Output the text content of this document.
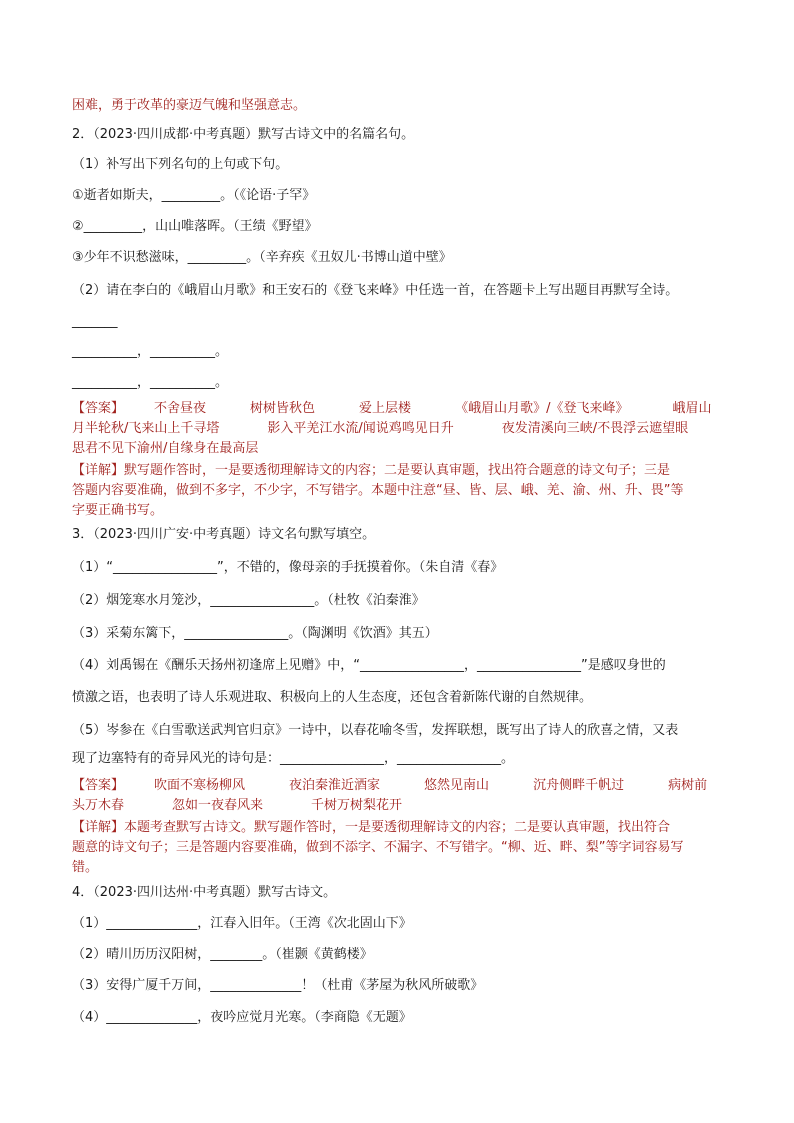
困难，勇于改革的豪迈气魄和坚强意志。
2．（2023·四川成都·中考真题）默写古诗文中的名篇名句。
（1）补写出下列名句的上句或下句。
①逝者如斯夫，_________。（《论语·子罕》
②_________，山山唯落晖。（王绩《野望》
③少年不识愁滋味，_________。（辛弃疾《丑奴儿·书博山道中壁》
（2）请在李白的《峨眉山月歌》和王安石的《登飞来峰》中任选一首，在答题卡上写出题目再默写全诗。
_______
__________，__________。
__________，__________。
【答案】 不舍昼夜	树树皆秋色	爱上层楼	《峨眉山月歌》/《登飞来峰》	峨眉山
月半轮秋/飞来山上千寻塔	影入平羌江水流/闻说鸡鸣见日升	夜发清溪向三峡/不畏浮云遮望眼
思君不见下渝州/自缘身在最高层
【详解】默写题作答时，一是要透彻理解诗文的内容；二是要认真审题，找出符合题意的诗文句子；三是
答题内容要准确，做到不多字，不少字，不写错字。本题中注意“昼、皆、层、峨、羌、渝、州、升、畏”等
字要正确书写。
3．（2023·四川广安·中考真题）诗文名句默写填空。
（1）“________________”，不错的，像母亲的手抚摸着你。（朱自清《春》
（2）烟笼寒水月笼沙，________________。（杜牧《泊秦淮》
（3）采菊东篱下，________________。（陶渊明《饮酒》其五）
（4）刘禹锡在《酬乐天扬州初逢席上见赠》中，“________________，________________”是感叹身世的
愤激之语，也表明了诗人乐观进取、积极向上的人生态度，还包含着新陈代谢的自然规律。
（5）岑参在《白雪歌送武判官归京》一诗中，以春花喻冬雪，发挥联想，既写出了诗人的欣喜之情，又表
现了边塞特有的奇异风光的诗句是：________________，________________。
【答案】 吹面不寒杨柳风	夜泊秦淮近酒家	悠然见南山	沉舟侧畔千帆过	病树前
头万木春	忽如一夜春风来	千树万树梨花开
【详解】本题考查默写古诗文。默写题作答时，一是要透彻理解诗文的内容；二是要认真审题，找出符合
题意的诗文句子；三是答题内容要准确，做到不添字、不漏字、不写错字。“柳、近、畔、梨”等字词容易写
错。
4．（2023·四川达州·中考真题）默写古诗文。
（1）______________，江春入旧年。（王湾《次北固山下》
（2）晴川历历汉阳树，________。（崔颢《黄鹤楼》
（3）安得广厦千万间，______________！（杜甫《茅屋为秋风所破歌》
（4）______________，夜吟应觉月光寒。（李商隐《无题》
